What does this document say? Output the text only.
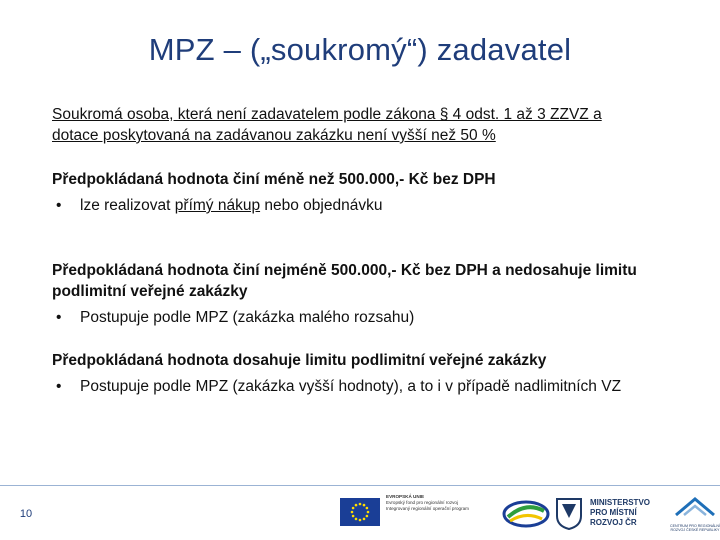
MPZ – („soukromý“) zadavatel
Soukromá osoba, která není zadavatelem podle zákona § 4 odst. 1 až 3 ZZVZ a dotace poskytovaná na zadávanou zakázku není vyšší než 50 %
Předpokládaná hodnota činí méně než 500.000,- Kč bez DPH
• lze realizovat přímý nákup nebo objednávku
Předpokládaná hodnota činí nejméně 500.000,- Kč bez DPH a nedosahuje limitu podlimitní veřejné zakázky
• Postupuje podle MPZ (zakázka malého rozsahu)
Předpokládaná hodnota dosahuje limitu podlimitní veřejné zakázky
• Postupuje podle MPZ (zakázka vyšší hodnoty), a to i v případě nadlimitních VZ
10
EVROPSKÁ UNIE
Evropský fond pro regionální rozvoj
Integrovaný regionální operační program
MINISTERSTVO
PRO MÍSTNÍ
ROZVOJ ČR	CENTRUM PRO REGIONÁLNÍ ROZVOJ ČESKÉ REPUBLIKY
